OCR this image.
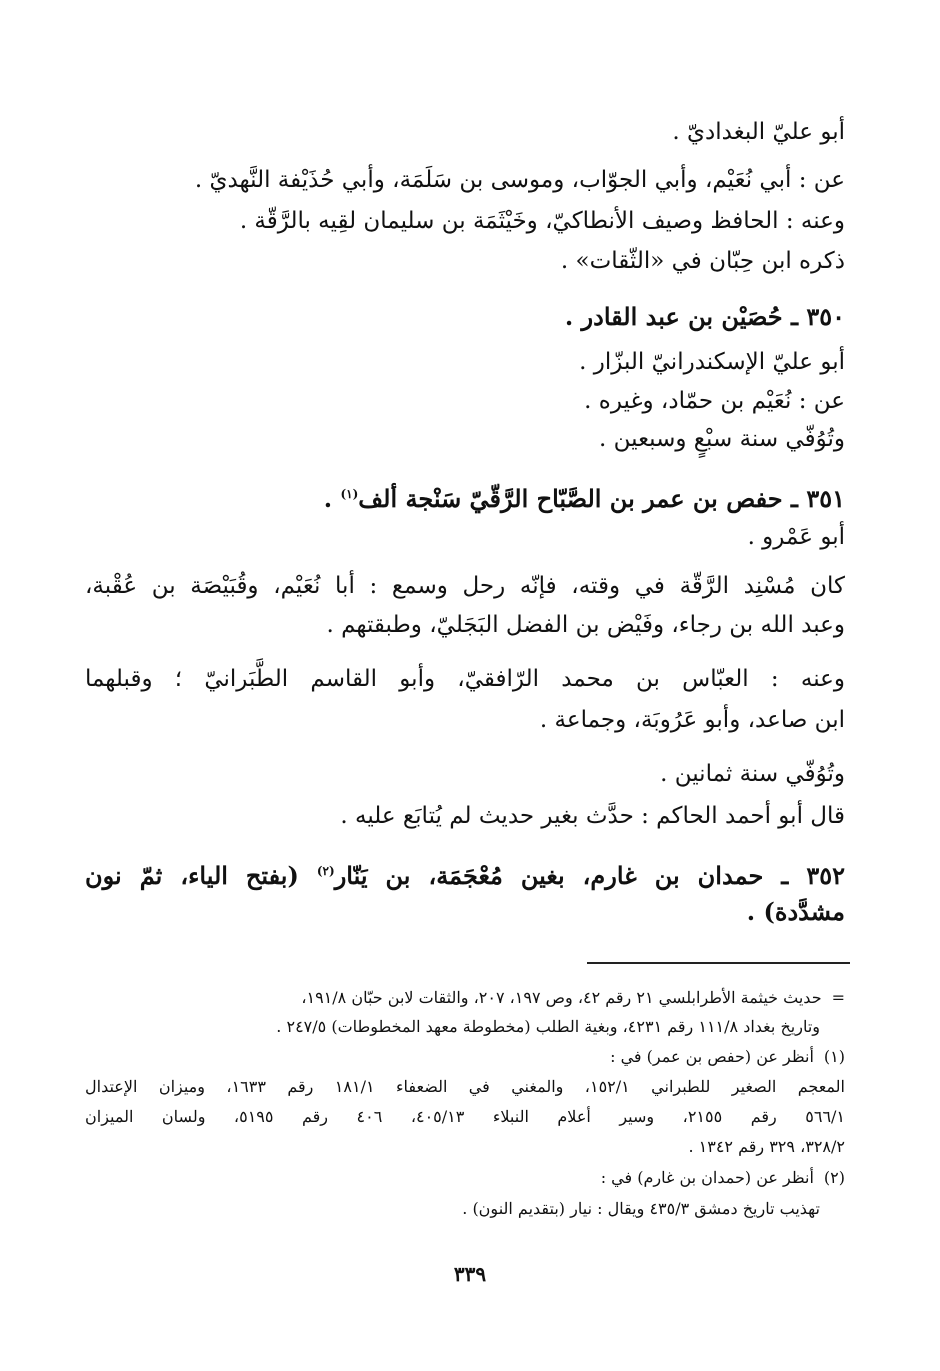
أبو عليّ البغداديّ .
عن : أبي نُعَيْم، وأبي الجوّاب، وموسى بن سَلَمَة، وأبي حُذَيْفة النَّهديّ .
وعنه : الحافظ وصيف الأنطاكيّ، وخَيْثَمَة بن سليمان لقِيه بالرَّقّة .
ذكره ابن حِبّان في «الثّقات» .
٣٥٠ ـ حُصَيْن بن عبد القادر .
أبو عليّ الإسكندرانيّ البزّار .
عن : نُعَيْم بن حمّاد، وغيره .
وتُوُفّي سنة سبْعٍ وسبعين .
٣٥١ ـ حفص بن عمر بن الصَّبّاح الرَّقّيّ سَنْجة ألف$^{(١)}$ .
أبو عَمْرو .
كان مُسْنِد الرَّقّة في وقته، فإنّه رحل وسمع : أبا نُعَيْم، وقُبَيْصَة بن عُقْبة،
وعبد الله بن رجاء، وفَيْض بن الفضل البَجَليّ، وطبقتهم .
وعنه : العبّاس بن محمد الرّافقيّ، وأبو القاسم الطَّبَرانيّ ؛ وقبلهما
ابن صاعد، وأبو عَرُوبَة، وجماعة .
وتُوُفّي سنة ثمانين .
قال أبو أحمد الحاكم : حدَّث بغير حديث لم يُتابَع عليه .
٣٥٢ ـ حمدان بن غارم، بغين مُعْجَمَة، بن يَنّار$^{(٢)}$ (بفتح الياء، ثمّ نون
مشدَّدة) .
=حديث خيثمة الأطرابلسي ٢١ رقم ٤٢، وص ١٩٧، ٢٠٧، والثقات لابن حبّان ١٩١/٨،
وتاريخ بغداد ١١١/٨ رقم ٤٢٣١، وبغية الطلب (مخطوطة معهد المخطوطات) ٢٤٧/٥ .
(١)أنظر عن (حفص بن عمر) في :
المعجم الصغير للطبراني ١٥٢/١، والمغني في الضعفاء ١٨١/١ رقم ١٦٣٣، وميزان الإعتدال
٥٦٦/١ رقم ٢١٥٥، وسير أعلام النبلاء ٤٠٥/١٣، ٤٠٦ رقم ٥١٩٥، ولسان الميزان
٣٢٨/٢، ٣٢٩ رقم ١٣٤٢ .
(٢)أنظر عن (حمدان بن غارم) في :
تهذيب تاريخ دمشق ٤٣٥/٣ ويقال : نيار (بتقديم النون) .
٣٣٩
